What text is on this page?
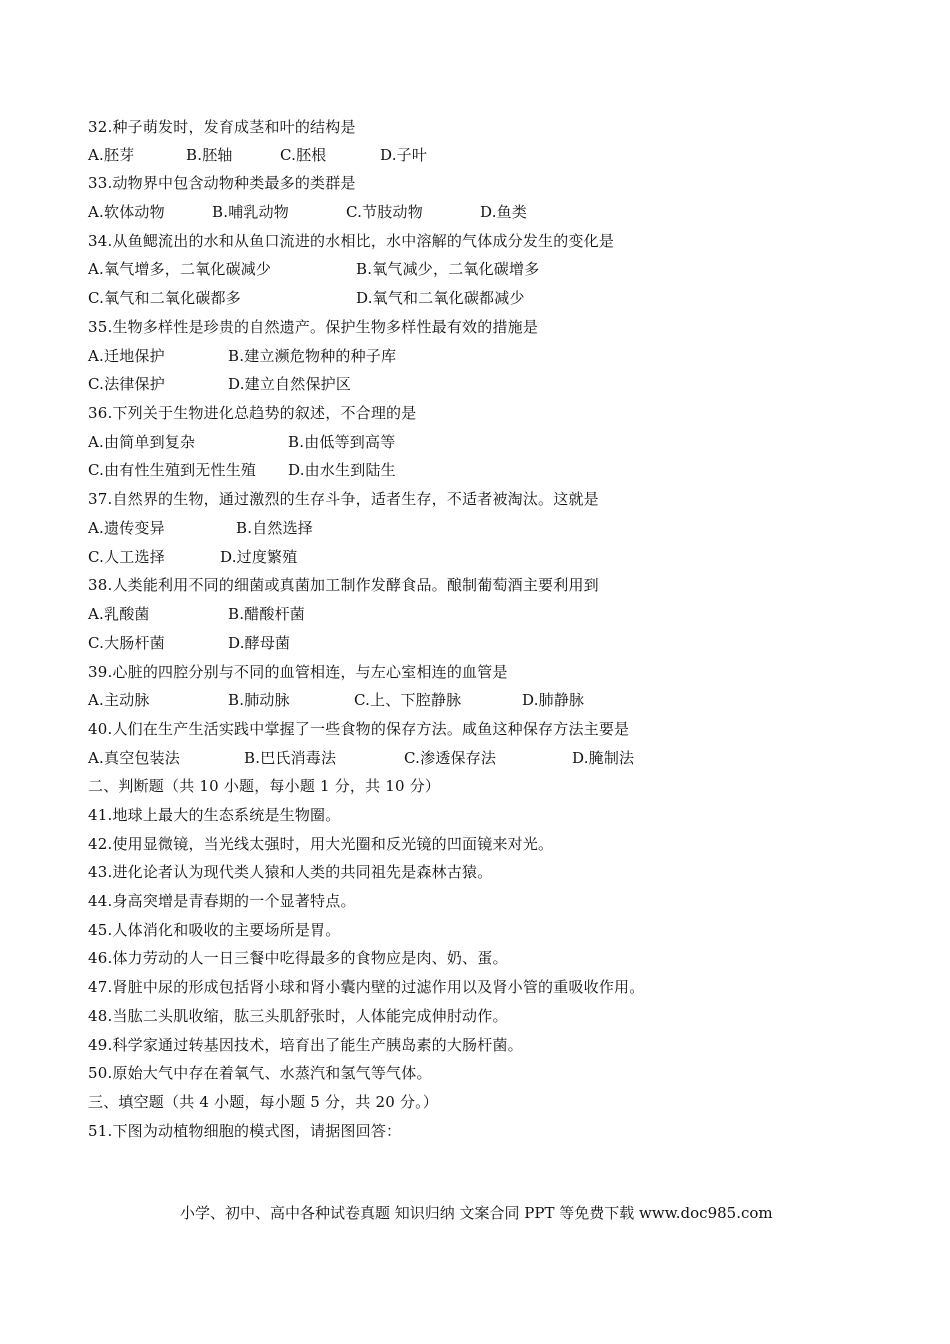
32.种子萌发时，发育成茎和叶的结构是
A.胚芽	B.胚轴	C.胚根	D.子叶
33.动物界中包含动物种类最多的类群是
A.软体动物	B.哺乳动物	C.节肢动物	D.鱼类
34.从鱼鳃流出的水和从鱼口流进的水相比，水中溶解的气体成分发生的变化是
A.氧气增多，二氧化碳减少	B.氧气减少，二氧化碳增多
C.氧气和二氧化碳都多	D.氧气和二氧化碳都减少
35.生物多样性是珍贵的自然遗产。保护生物多样性最有效的措施是
A.迁地保护	B.建立濒危物种的种子库
C.法律保护	D.建立自然保护区
36.下列关于生物进化总趋势的叙述，不合理的是
A.由简单到复杂	B.由低等到高等
C.由有性生殖到无性生殖 D.由水生到陆生
37.自然界的生物，通过激烈的生存斗争，适者生存，不适者被淘汰。这就是
A.遗传变异	B.自然选择
C.人工选择	D.过度繁殖
38.人类能利用不同的细菌或真菌加工制作发酵食品。酿制葡萄酒主要利用到
A.乳酸菌	B.醋酸杆菌
C.大肠杆菌	D.酵母菌
39.心脏的四腔分别与不同的血管相连，与左心室相连的血管是
A.主动脉	B.肺动脉	C.上、下腔静脉	D.肺静脉
40.人们在生产生活实践中掌握了一些食物的保存方法。咸鱼这种保存方法主要是
A.真空包装法	B.巴氏消毒法	C.渗透保存法	D.腌制法
二、判断题（共 10 小题，每小题 1 分，共 10 分）
41.地球上最大的生态系统是生物圈。
42.使用显微镜，当光线太强时，用大光圈和反光镜的凹面镜来对光。
43.进化论者认为现代类人猿和人类的共同祖先是森林古猿。
44.身高突增是青春期的一个显著特点。
45.人体消化和吸收的主要场所是胃。
46.体力劳动的人一日三餐中吃得最多的食物应是肉、奶、蛋。
47.肾脏中尿的形成包括肾小球和肾小囊内壁的过滤作用以及肾小管的重吸收作用。
48.当肱二头肌收缩，肱三头肌舒张时，人体能完成伸肘动作。
49.科学家通过转基因技术，培育出了能生产胰岛素的大肠杆菌。
50.原始大气中存在着氧气、水蒸汽和氢气等气体。
三、填空题（共 4 小题，每小题 5 分，共 20 分。）
51.下图为动植物细胞的模式图，请据图回答：
小学、初中、高中各种试卷真题 知识归纳 文案合同 PPT 等免费下载 www.doc985.com
